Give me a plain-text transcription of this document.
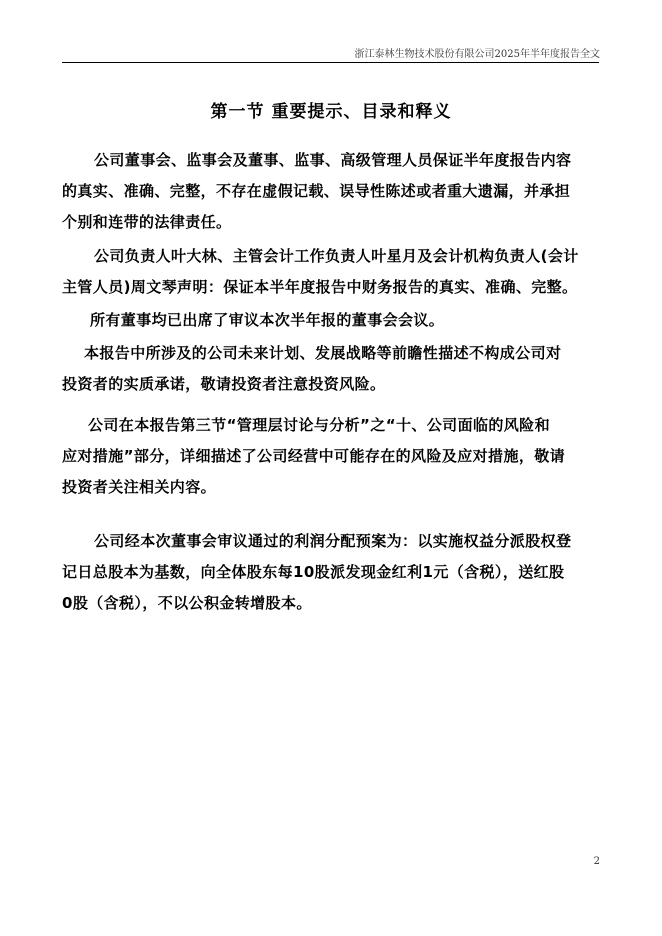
浙江泰林生物技术股份有限公司2025年半年度报告全文
第一节 重要提示、目录和释义
公司董事会、监事会及董事、监事、高级管理人员保证半年度报告内容
的真实、准确、完整，不存在虚假记载、误导性陈述或者重大遗漏，并承担
个别和连带的法律责任。
公司负责人叶大林、主管会计工作负责人叶星月及会计机构负责人(会计
主管人员)周文琴声明：保证本半年度报告中财务报告的真实、准确、完整。
所有董事均已出席了审议本次半年报的董事会会议。
本报告中所涉及的公司未来计划、发展战略等前瞻性描述不构成公司对
投资者的实质承诺，敬请投资者注意投资风险。
公司在本报告第三节“管理层讨论与分析”之“十、公司面临的风险和
应对措施”部分，详细描述了公司经营中可能存在的风险及应对措施，敬请
投资者关注相关内容。
公司经本次董事会审议通过的利润分配预案为：以实施权益分派股权登
记日总股本为基数，向全体股东每10股派发现金红利1元（含税），送红股
0股（含税），不以公积金转增股本。
2
